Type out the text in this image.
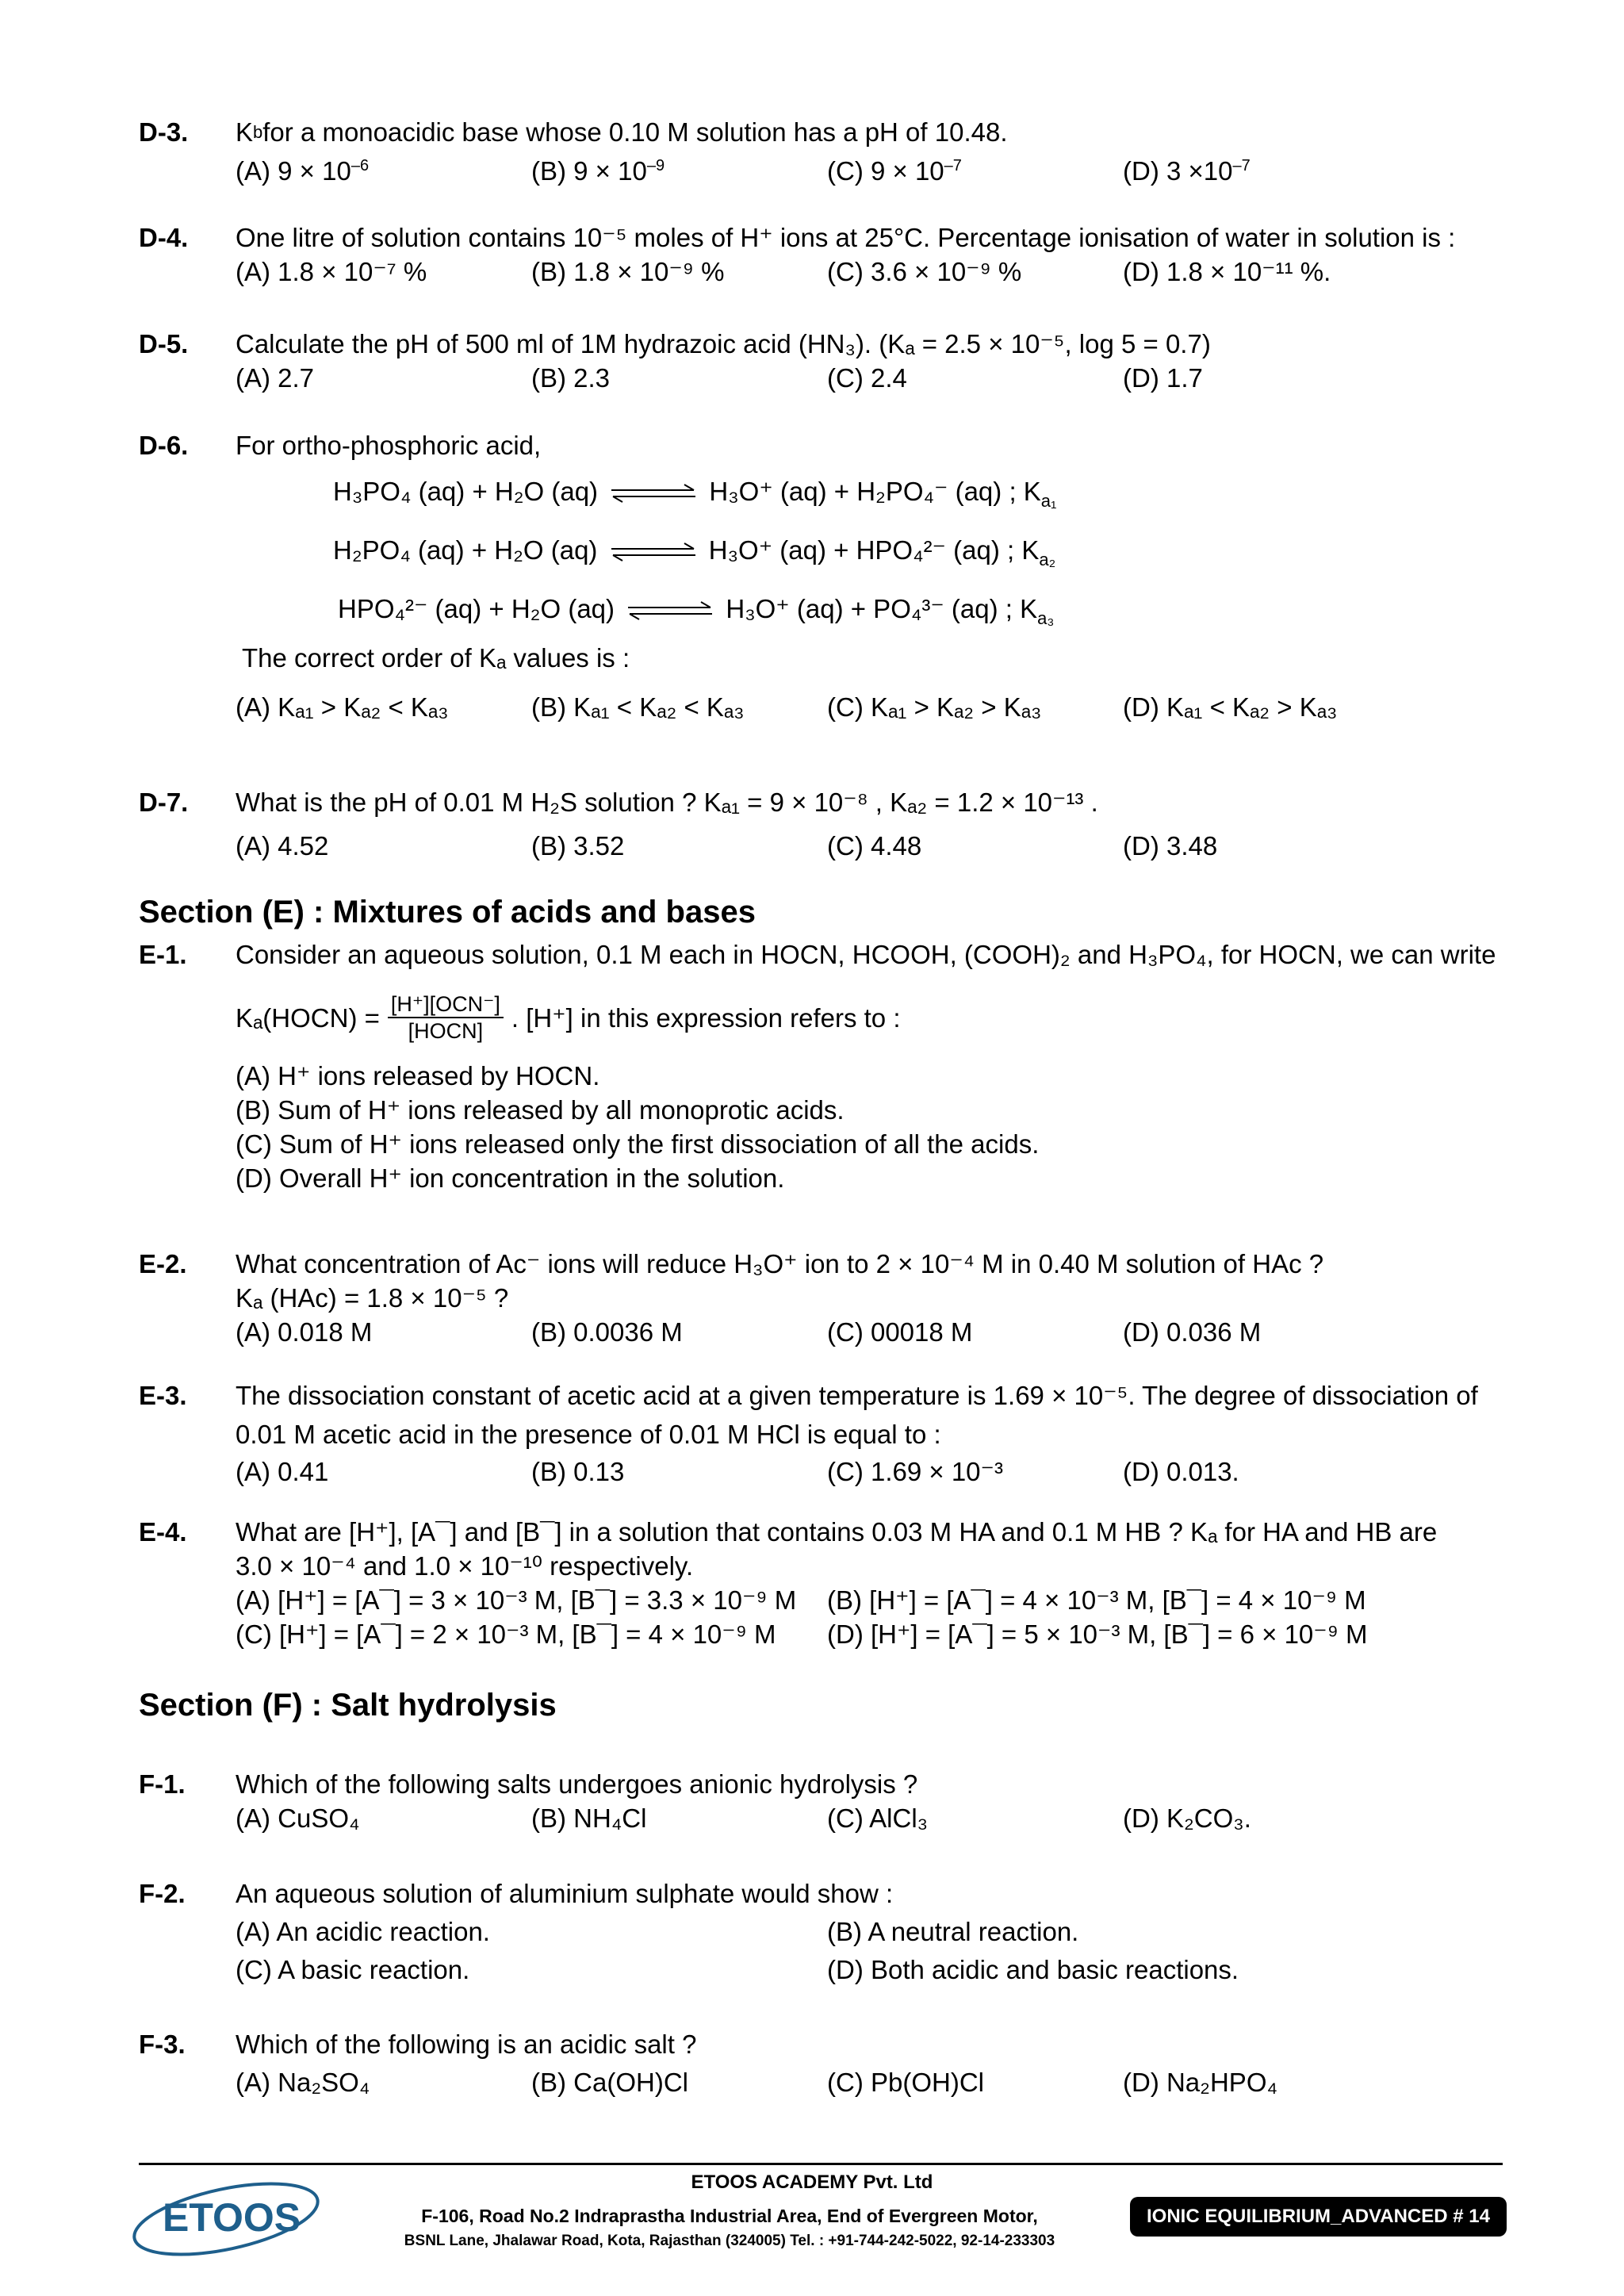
D-3. K b for a monoacidic base whose 0.10 M solution has a pH of 10.48.
(A) $9 \times 10^{-6}$	(B) $9 \times 10^{-9}$	(C) $9 \times 10^{-7}$	(D) $3 \times 10^{-7}$
D-4. One litre of solution contains 10⁻⁵ moles of H⁺ ions at 25°C. Percentage ionisation of water in solution is :
(A) 1.8 × 10⁻⁷ %	(B) 1.8 × 10⁻⁹ %	(C) 3.6 × 10⁻⁹ %	(D) 1.8 × 10⁻¹¹ %.
D-5. Calculate the pH of 500 ml of 1M hydrazoic acid (HN₃). (Kₐ = 2.5 × 10⁻⁵, log 5 = 0.7)
(A) 2.7	(B) 2.3	(C) 2.4	(D) 1.7
D-6. For ortho-phosphoric acid,
H₃PO₄ (aq) + H₂O (aq) ⇌ H₃O⁺ (aq) + H₂PO₄⁻ (aq) ; $K_{a_1}$
H₂PO₄ (aq) + H₂O (aq) ⇌ H₃O⁺ (aq) + HPO₄²⁻ (aq) ; $K_{a_2}$
HPO₄²⁻ (aq) + H₂O (aq) ⇌ H₃O⁺ (aq) + PO₄³⁻ (aq) ; $K_{a_3}$
The correct order of Kₐ values is :
(A) Kₐ₁ > Kₐ₂ < Kₐ₃	(B) Kₐ₁ < Kₐ₂ < Kₐ₃	(C) Kₐ₁ > Kₐ₂ > Kₐ₃	(D) Kₐ₁ < Kₐ₂ > Kₐ₃
D-7. What is the pH of 0.01 M H₂S solution ? Kₐ₁ = 9 × 10⁻⁸ , Kₐ₂ = 1.2 × 10⁻¹³ .
(A) 4.52	(B) 3.52	(C) 4.48	(D) 3.48
Section (E) : Mixtures of acids and bases
E-1. Consider an aqueous solution, 0.1 M each in HOCN, HCOOH, (COOH)₂ and H₃PO₄, for HOCN, we can write
Kₐ(HOCN) = $\frac{\text{[H⁺][OCN⁻]}}{\text{[HOCN]}}$ . [H⁺] in this expression refers to :
(A) H⁺ ions released by HOCN.
(B) Sum of H⁺ ions released by all monoprotic acids.
(C) Sum of H⁺ ions released only the first dissociation of all the acids.
(D) Overall H⁺ ion concentration in the solution.
E-2. What concentration of Ac⁻ ions will reduce H₃O⁺ ion to 2 × 10⁻⁴ M in 0.40 M solution of HAc ?
Kₐ (HAc) = 1.8 × 10⁻⁵ ?
(A) 0.018 M	(B) 0.0036 M	(C) 00018 M	(D) 0.036 M
E-3. The dissociation constant of acetic acid at a given temperature is 1.69 × 10⁻⁵. The degree of dissociation of
0.01 M acetic acid in the presence of 0.01 M HCl is equal to :
(A) 0.41	(B) 0.13	(C) 1.69 × 10⁻³	(D) 0.013.
E-4. What are [H⁺], [A¯] and [B¯] in a solution that contains 0.03 M HA and 0.1 M HB ? Kₐ for HA and HB are
3.0 × 10⁻⁴ and 1.0 × 10⁻¹⁰ respectively.
(A) [H⁺] = [A¯] = 3 × 10⁻³ M, [B¯] = 3.3 × 10⁻⁹ M	(B) [H⁺] = [A¯] = 4 × 10⁻³ M, [B¯] = 4 × 10⁻⁹ M
(C) [H⁺] = [A¯] = 2 × 10⁻³ M, [B¯] = 4 × 10⁻⁹ M	(D) [H⁺] = [A¯] = 5 × 10⁻³ M, [B¯] = 6 × 10⁻⁹ M
Section (F) : Salt hydrolysis
F-1. Which of the following salts undergoes anionic hydrolysis ?
(A) CuSO₄	(B) NH₄Cl	(C) AlCl₃	(D) K₂CO₃.
F-2. An aqueous solution of aluminium sulphate would show :
(A) An acidic reaction.	(B) A neutral reaction.
(C) A basic reaction.	(D) Both acidic and basic reactions.
F-3. Which of the following is an acidic salt ?
(A) Na₂SO₄	(B) Ca(OH)Cl	(C) Pb(OH)Cl	(D) Na₂HPO₄
ETOOS
ETOOS ACADEMY Pvt. Ltd
F-106, Road No.2 Indraprastha Industrial Area, End of Evergreen Motor,
BSNL Lane, Jhalawar Road, Kota, Rajasthan (324005) Tel. : +91-744-242-5022, 92-14-233303
IONIC EQUILIBRIUM_ADVANCED # 14
